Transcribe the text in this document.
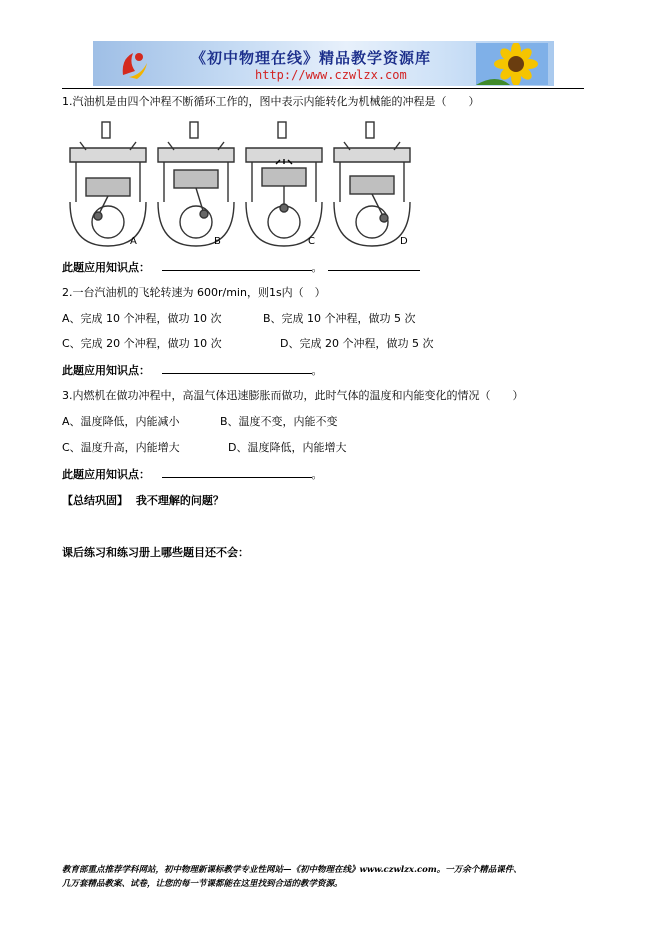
《初中物理在线》精品教学资源库
http://www.czwlzx.com
1.汽油机是由四个冲程不断循环工作的，图中表示内能转化为机械能的冲程是（　　）
A	B	C	D
此题应用知识点：	。
2.一台汽油机的飞轮转速为 600r/min，则1s内（　）
A、完成 10 个冲程，做功 10 次	B、完成 10 个冲程，做功 5 次
C、完成 20 个冲程，做功 10 次	D、完成 20 个冲程，做功 5 次
此题应用知识点：	。
3.内燃机在做功冲程中，高温气体迅速膨胀而做功，此时气体的温度和内能变化的情况（　　）
A、温度降低，内能减小	B、温度不变，内能不变
C、温度升高，内能增大	D、温度降低，内能增大
此题应用知识点：	。
【总结巩固】 我不理解的问题？
课后练习和练习册上哪些题目还不会：
教育部重点推荐学科网站，初中物理新课标教学专业性网站—《初中物理在线》www.czwlzx.com。一万余个精品课件、
几万套精品教案、试卷，让您的每一节课都能在这里找到合适的教学资源。
